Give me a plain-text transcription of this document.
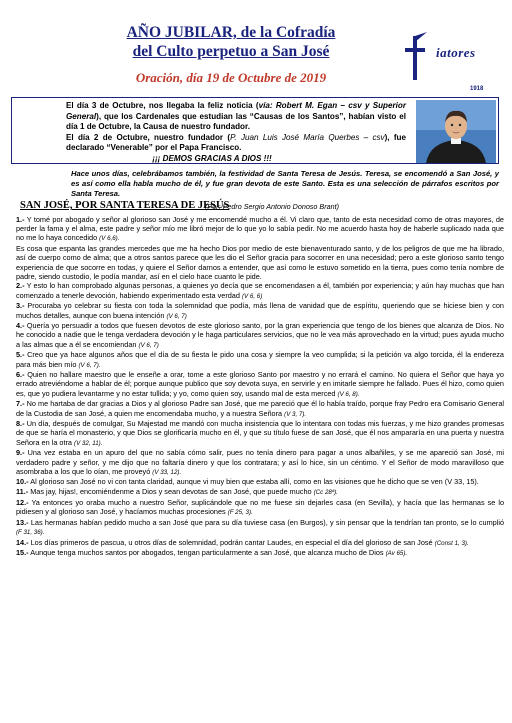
AÑO JUBILAR, de la Cofradía
del Culto perpetuo a San José
Oración, día 19 de Octubre de 2019
iatores
1918

El día 3 de Octubre, nos llegaba la feliz noticia (vía: Robert M. Egan – csv y Superior General), que los Cardenales que estudian las “Causas de los Santos”, habían visto el día 1 de Octubre, la Causa de nuestro fundador.

El día 2 de Octubre, nuestro fundador (P. Juan Luis José María Querbes – csv), fue declarado “Venerable” por el Papa Francisco.

¡¡¡ DEMOS GRACIAS A DIOS !!!

Hace unos días, celebrábamos también, la festividad de Santa Teresa de Jesús. Teresa, se encomendó a San José, y es así como ella habla mucho de él, y fue gran devota de este Santo. Esta es una selección de párrafos escritos por Santa Teresa.

SAN JOSÉ, POR SANTA TERESA DE JESÚS
(Por: Pedro Sergio Antonio Donoso Brant)

1.- Y tomé por abogado y señor al glorioso san José y me encomendé mucho a él. Vi claro que, tanto de esta necesidad como de otras mayores, de perder la fama y el alma, este padre y señor mío me libró mejor de lo que yo lo sabía pedir. No me acuerdo hasta hoy de haberle suplicado nada que no me lo haya concedido (V 6,6).

Es cosa que espanta las grandes mercedes que me ha hecho Dios por medio de este bienaventurado santo, y de los peligros de que me ha librado, así de cuerpo como de alma; que a otros santos parece que les dio el Señor gracia para socorrer en una necesidad; pero a este glorioso santo tengo experiencia de que socorre en todas, y quiere el Señor darnos a entender, que así como le estuvo sometido en la tierra, pues como tenía nombre de padre, siendo custodio, le podía mandar, así en el cielo hace cuanto le pide.

2.- Y esto lo han comprobado algunas personas, a quienes yo decía que se encomendasen a él, también por experiencia; y aún hay muchas que han comenzado a tenerle devoción, habiendo experimentado esta verdad (V 6, 6)

3.- Procuraba yo celebrar su fiesta con toda la solemnidad que podía, más llena de vanidad que de espíritu, queriendo que se hiciese bien y con muchos detalles, aunque con buena intención (V 6, 7)

4.- Quería yo persuadir a todos que fuesen devotos de este glorioso santo, por la gran experiencia que tengo de los bienes que alcanza de Dios. No he conocido a nadie que le tenga verdadera devoción y le haga particulares servicios, que no le vea más aprovechado en la virtud; pues ayuda mucho a las almas que a él se encomiendan (V 6, 7)

5.- Creo que ya hace algunos años que el día de su fiesta le pido una cosa y siempre la veo cumplida; si la petición va algo torcida, él la endereza para más bien mío (V 6, 7).

6.- Quien no hallare maestro que le enseñe a orar, tome a este glorioso Santo por maestro y no errará el camino. No quiera el Señor que haya yo errado atreviéndome a hablar de él; porque aunque publico que soy devota suya, en servirle y en imitarle siempre he fallado. Pues él hizo, como quien es, que yo pudiera levantarme y no estar tullida; y yo, como quien soy, usando mal de esta merced (V 6, 8).

7.- No me hartaba de dar gracias a Dios y al glorioso Padre san José, que me pareció que él lo había traído, porque fray Pedro era Comisario General de la Custodia de san José, a quien me encomendaba mucho, y a nuestra Señora (V 3, 7).

8.- Un día, después de comulgar, Su Majestad me mandó con mucha insistencia que lo intentara con todas mis fuerzas, y me hizo grandes promesas de que se haría el monasterio, y que Dios se glorificaría mucho en él, y que su título fuese de san José, que él nos ampararía en una puerta y nuestra Señora en la otra (V 32, 11).

9.- Una vez estaba en un apuro del que no sabía cómo salir, pues no tenía dinero para pagar a unos albañiles, y se me apareció san José, mi verdadero padre y señor, y me dijo que no faltaría dinero y que los contratara; y así lo hice, sin un céntimo. Y el Señor de modo maravilloso que asombraba a los que lo oían, me proveyó (V 33, 12).

10.- Al glorioso san José no vi con tanta claridad, aunque vi muy bien que estaba allí, como en las visiones que he dicho que se ven (V 33, 15).

11.- Mas jay, hijas!, encomiéndenme a Dios y sean devotas de san José, que puede mucho (Cc 28ª).

12.- Ya entonces yo oraba mucho a nuestro Señor, suplicándole que no me fuese sin dejarles casa (en Sevilla), y hacía que las hermanas se lo pidiesen y al glorioso san José, y hacíamos muchas procesiones (F 25, 3).

13.- Las hermanas habían pedido mucho a san José que para su día tuviese casa (en Burgos), y sin pensar que la tendrían tan pronto, se lo cumplió (F 31, 36).

14.- Los días primeros de pascua, u otros días de solemnidad, podrán cantar Laudes, en especial el día del glorioso de san José (Const 1, 3).

15.- Aunque tenga muchos santos por abogados, tengan particularmente a san José, que alcanza mucho de Dios (Av 65).
